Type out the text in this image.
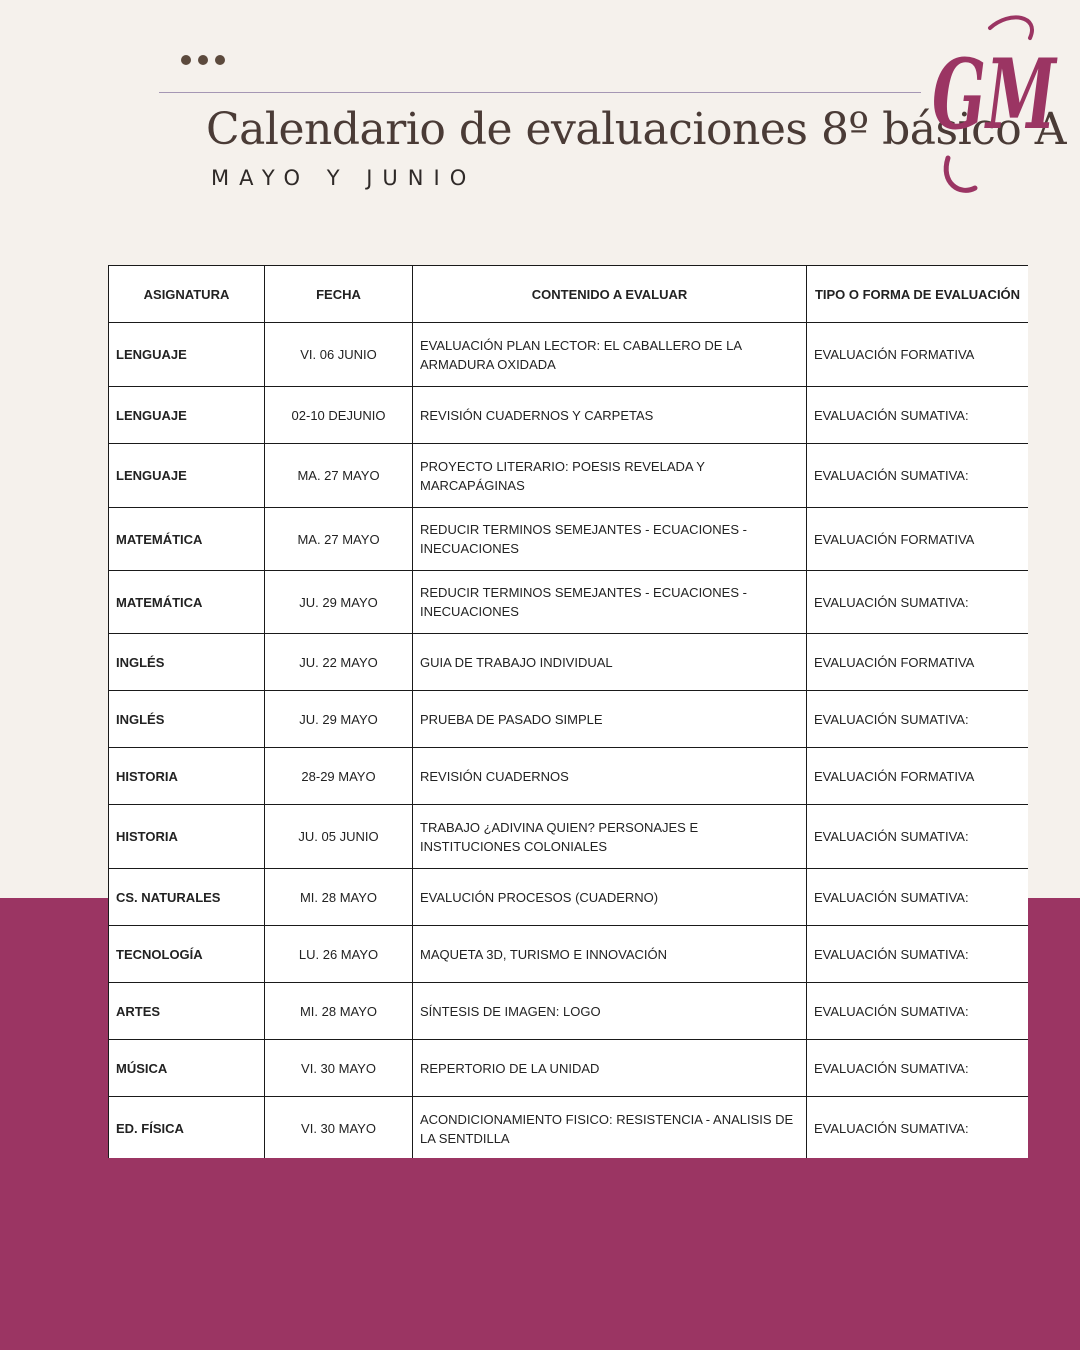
Calendario de evaluaciones 8º básico A
MAYO Y JUNIO
GM
ASIGNATURA	FECHA	CONTENIDO A EVALUAR	TIPO O FORMA DE EVALUACIÓN
LENGUAJE	VI. 06 JUNIO	EVALUACIÓN PLAN LECTOR: EL CABALLERO DE LA ARMADURA OXIDADA	EVALUACIÓN FORMATIVA
LENGUAJE	02-10 DEJUNIO	REVISIÓN CUADERNOS Y CARPETAS	EVALUACIÓN SUMATIVA:
LENGUAJE	MA. 27 MAYO	PROYECTO LITERARIO: POESIS REVELADA Y MARCAPÁGINAS	EVALUACIÓN SUMATIVA:
MATEMÁTICA	MA. 27 MAYO	REDUCIR TERMINOS SEMEJANTES - ECUACIONES - INECUACIONES	EVALUACIÓN FORMATIVA
MATEMÁTICA	JU. 29 MAYO	REDUCIR TERMINOS SEMEJANTES - ECUACIONES - INECUACIONES	EVALUACIÓN SUMATIVA:
INGLÉS	JU. 22 MAYO	GUIA DE TRABAJO INDIVIDUAL	EVALUACIÓN FORMATIVA
INGLÉS	JU. 29 MAYO	PRUEBA DE PASADO SIMPLE	EVALUACIÓN SUMATIVA:
HISTORIA	28-29 MAYO	REVISIÓN CUADERNOS	EVALUACIÓN FORMATIVA
HISTORIA	JU. 05 JUNIO	TRABAJO ¿ADIVINA QUIEN? PERSONAJES E INSTITUCIONES COLONIALES	EVALUACIÓN SUMATIVA:
CS. NATURALES	MI. 28 MAYO	EVALUCIÓN PROCESOS (CUADERNO)	EVALUACIÓN SUMATIVA:
TECNOLOGÍA	LU. 26 MAYO	MAQUETA 3D, TURISMO E INNOVACIÓN	EVALUACIÓN SUMATIVA:
ARTES	MI. 28 MAYO	SÍNTESIS DE IMAGEN: LOGO	EVALUACIÓN SUMATIVA:
MÚSICA	VI. 30 MAYO	REPERTORIO DE LA UNIDAD	EVALUACIÓN SUMATIVA:
ED. FÍSICA	VI. 30 MAYO	ACONDICIONAMIENTO FISICO: RESISTENCIA - ANALISIS DE LA SENTDILLA	EVALUACIÓN SUMATIVA:
